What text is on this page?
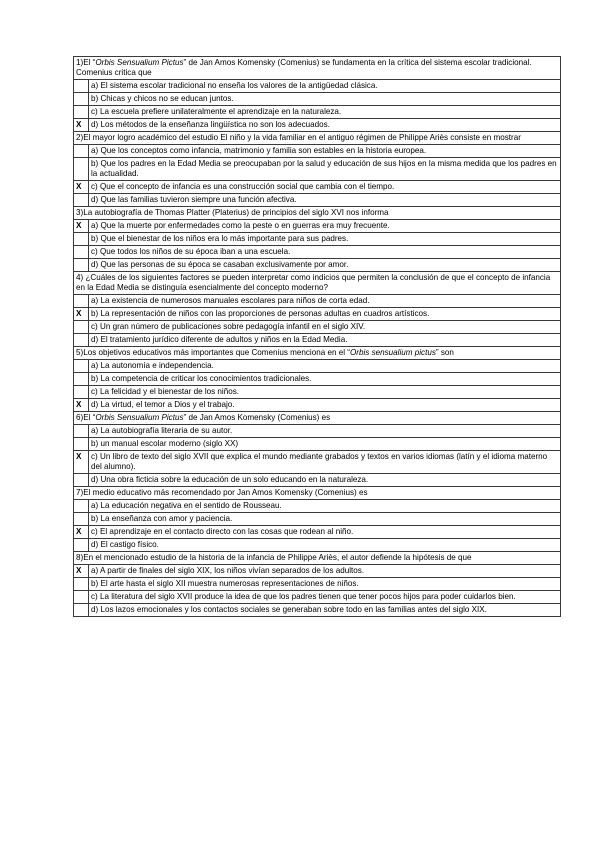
1)El “Orbis Sensualium Pictus” de Jan Amos Komensky (Comenius) se fundamenta en la crítica del sistema escolar tradicional. Comenius critica que	
	a) El sistema escolar tradicional no enseña los valores de la antigüedad clásica.
	b) Chicas y chicos no se educan juntos.
	c) La escuela prefiere unilateralmente el aprendizaje en la naturaleza.
X	d) Los métodos de la enseñanza lingüística no son los adecuados.
2)El mayor logro académico del estudio El niño y la vida familiar en el antiguo régimen de Philippe Ariès consiste en mostrar	
	a) Que los conceptos como infancia, matrimonio y familia son estables en la historia europea.
	b) Que los padres en la Edad Media se preocupaban por la salud y educación de sus hijos en la misma medida que los padres en la actualidad.
X	c) Que el concepto de infancia es una construcción social que cambia con el tiempo.
	d) Que las familias tuvieron siempre una función afectiva.
3)La autobiografía de Thomas Platter (Platerius) de principios del siglo XVI nos informa	
X	a) Que la muerte por enfermedades como la peste o en guerras era muy frecuente.
	b) Que el bienestar de los niños era lo más importante para sus padres.
	c) Que todos los niños de su época iban a una escuela.
	d) Que las personas de su época se casaban exclusivamente por amor.
4) ¿Cuáles de los siguientes factores se pueden interpretar como indicios que permiten la conclusión de que el concepto de infancia en la Edad Media se distinguía esencialmente del concepto moderno?	
	a) La existencia de numerosos manuales escolares para niños de corta edad.
X	b) La representación de niños con las proporciones de personas adultas en cuadros artísticos.
	c) Un gran número de publicaciones sobre pedagogía infantil en el siglo XIV.
	d) El tratamiento jurídico diferente de adultos y niños en la Edad Media.
5)Los objetivos educativos más importantes que Comenius menciona en el “Orbis sensualium pictus” son	
	a) La autonomía e independencia.
	b) La competencia de criticar los conocimientos tradicionales.
	c) La felicidad y el bienestar de los niños.
X	d) La virtud, el temor a Dios y el trabajo.
6)El “Orbis Sensualium Pictus” de Jan Amos Komensky (Comenius) es	
	a) La autobiografía literaria de su autor.
	b) un manual escolar moderno (siglo XX)
X	c) Un libro de texto del siglo XVII que explica el mundo mediante grabados y textos en varios idiomas (latín y el idioma materno del alumno).
	d) Una obra ficticia sobre la educación de un solo educando en la naturaleza.
7)El medio educativo más recomendado por Jan Amos Komensky (Comenius) es	
	a) La educación negativa en el sentido de Rousseau.
	b) La enseñanza con amor y paciencia.
X	c) El aprendizaje en el contacto directo con las cosas que rodean al niño.
	d) El castigo físico.
8)En el mencionado estudio de la historia de la infancia de Philippe Ariès, el autor defiende la hipótesis de que	
X	a) A partir de finales del siglo XIX, los niños vivían separados de los adultos.
	b) El arte hasta el siglo XII muestra numerosas representaciones de niños.
	c) La literatura del siglo XVII produce la idea de que los padres tienen que tener pocos hijos para poder cuidarlos bien.
	d) Los lazos emocionales y los contactos sociales se generaban sobre todo en las familias antes del siglo XIX.
